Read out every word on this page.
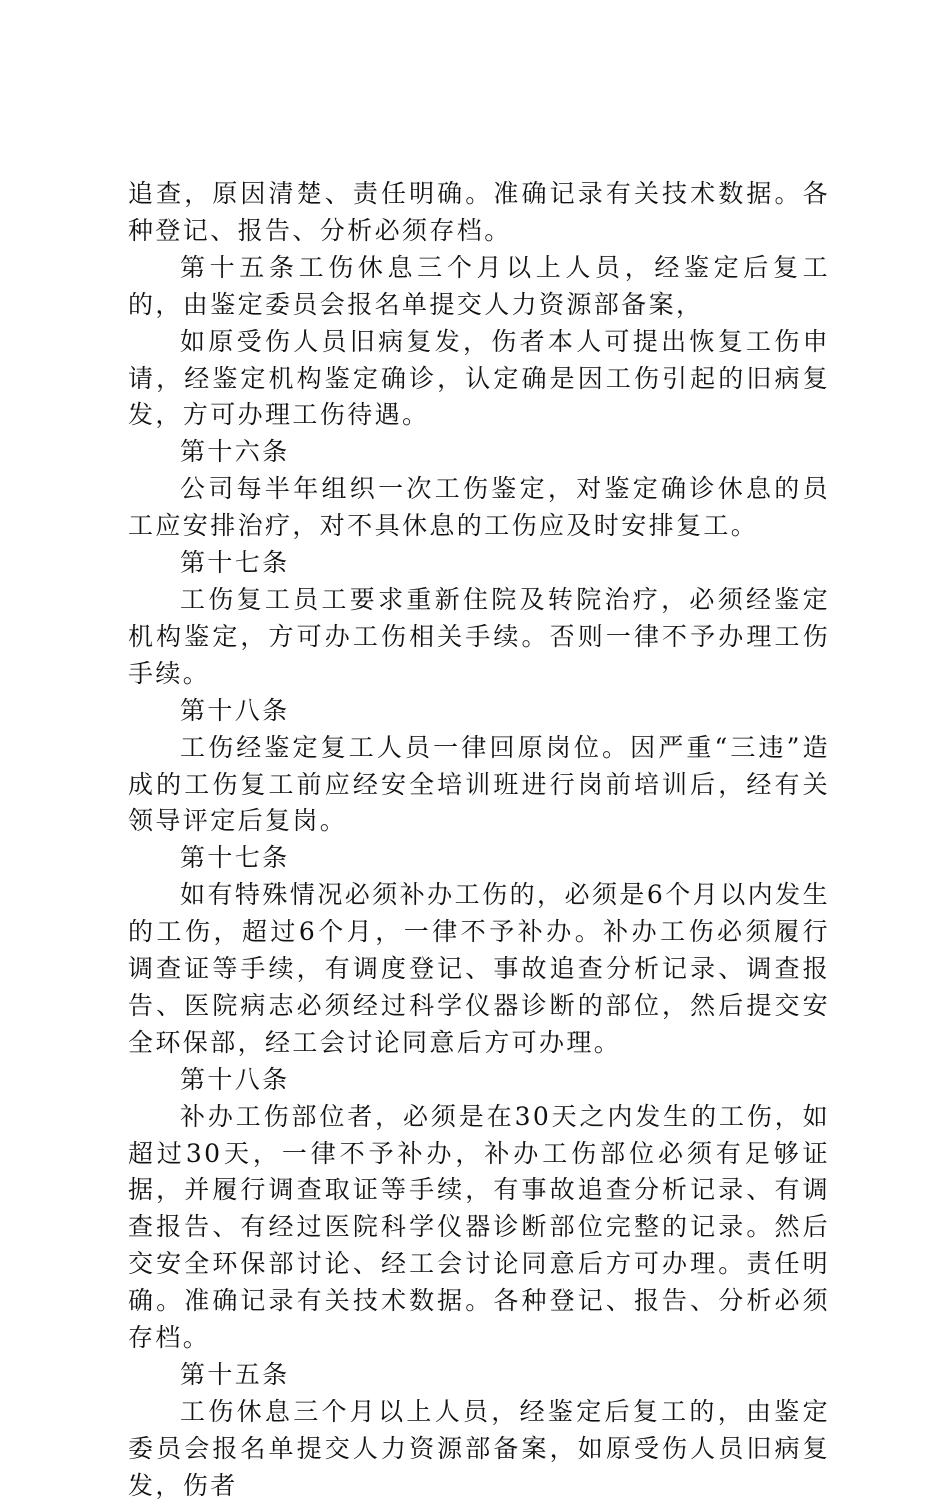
追查，原因清楚、责任明确。准确记录有关技术数据。各种登记、报告、分析必须存档。

第十五条工伤休息三个月以上人员，经鉴定后复工的，由鉴定委员会报名单提交人力资源部备案，

如原受伤人员旧病复发，伤者本人可提出恢复工伤申请，经鉴定机构鉴定确诊，认定确是因工伤引起的旧病复发，方可办理工伤待遇。

第十六条

公司每半年组织一次工伤鉴定，对鉴定确诊休息的员工应安排治疗，对不具休息的工伤应及时安排复工。

第十七条

工伤复工员工要求重新住院及转院治疗，必须经鉴定机构鉴定，方可办工伤相关手续。否则一律不予办理工伤手续。

第十八条

工伤经鉴定复工人员一律回原岗位。因严重“三违”造成的工伤复工前应经安全培训班进行岗前培训后，经有关领导评定后复岗。

第十七条

如有特殊情况必须补办工伤的，必须是6个月以内发生的工伤，超过6个月，一律不予补办。补办工伤必须履行调查证等手续，有调度登记、事故追查分析记录、调查报告、医院病志必须经过科学仪器诊断的部位，然后提交安全环保部，经工会讨论同意后方可办理。

第十八条

补办工伤部位者，必须是在30天之内发生的工伤，如超过30天，一律不予补办，补办工伤部位必须有足够证据，并履行调查取证等手续，有事故追查分析记录、有调查报告、有经过医院科学仪器诊断部位完整的记录。然后交安全环保部讨论、经工会讨论同意后方可办理。责任明确。准确记录有关技术数据。各种登记、报告、分析必须存档。

第十五条

工伤休息三个月以上人员，经鉴定后复工的，由鉴定委员会报名单提交人力资源部备案，如原受伤人员旧病复发，伤者
